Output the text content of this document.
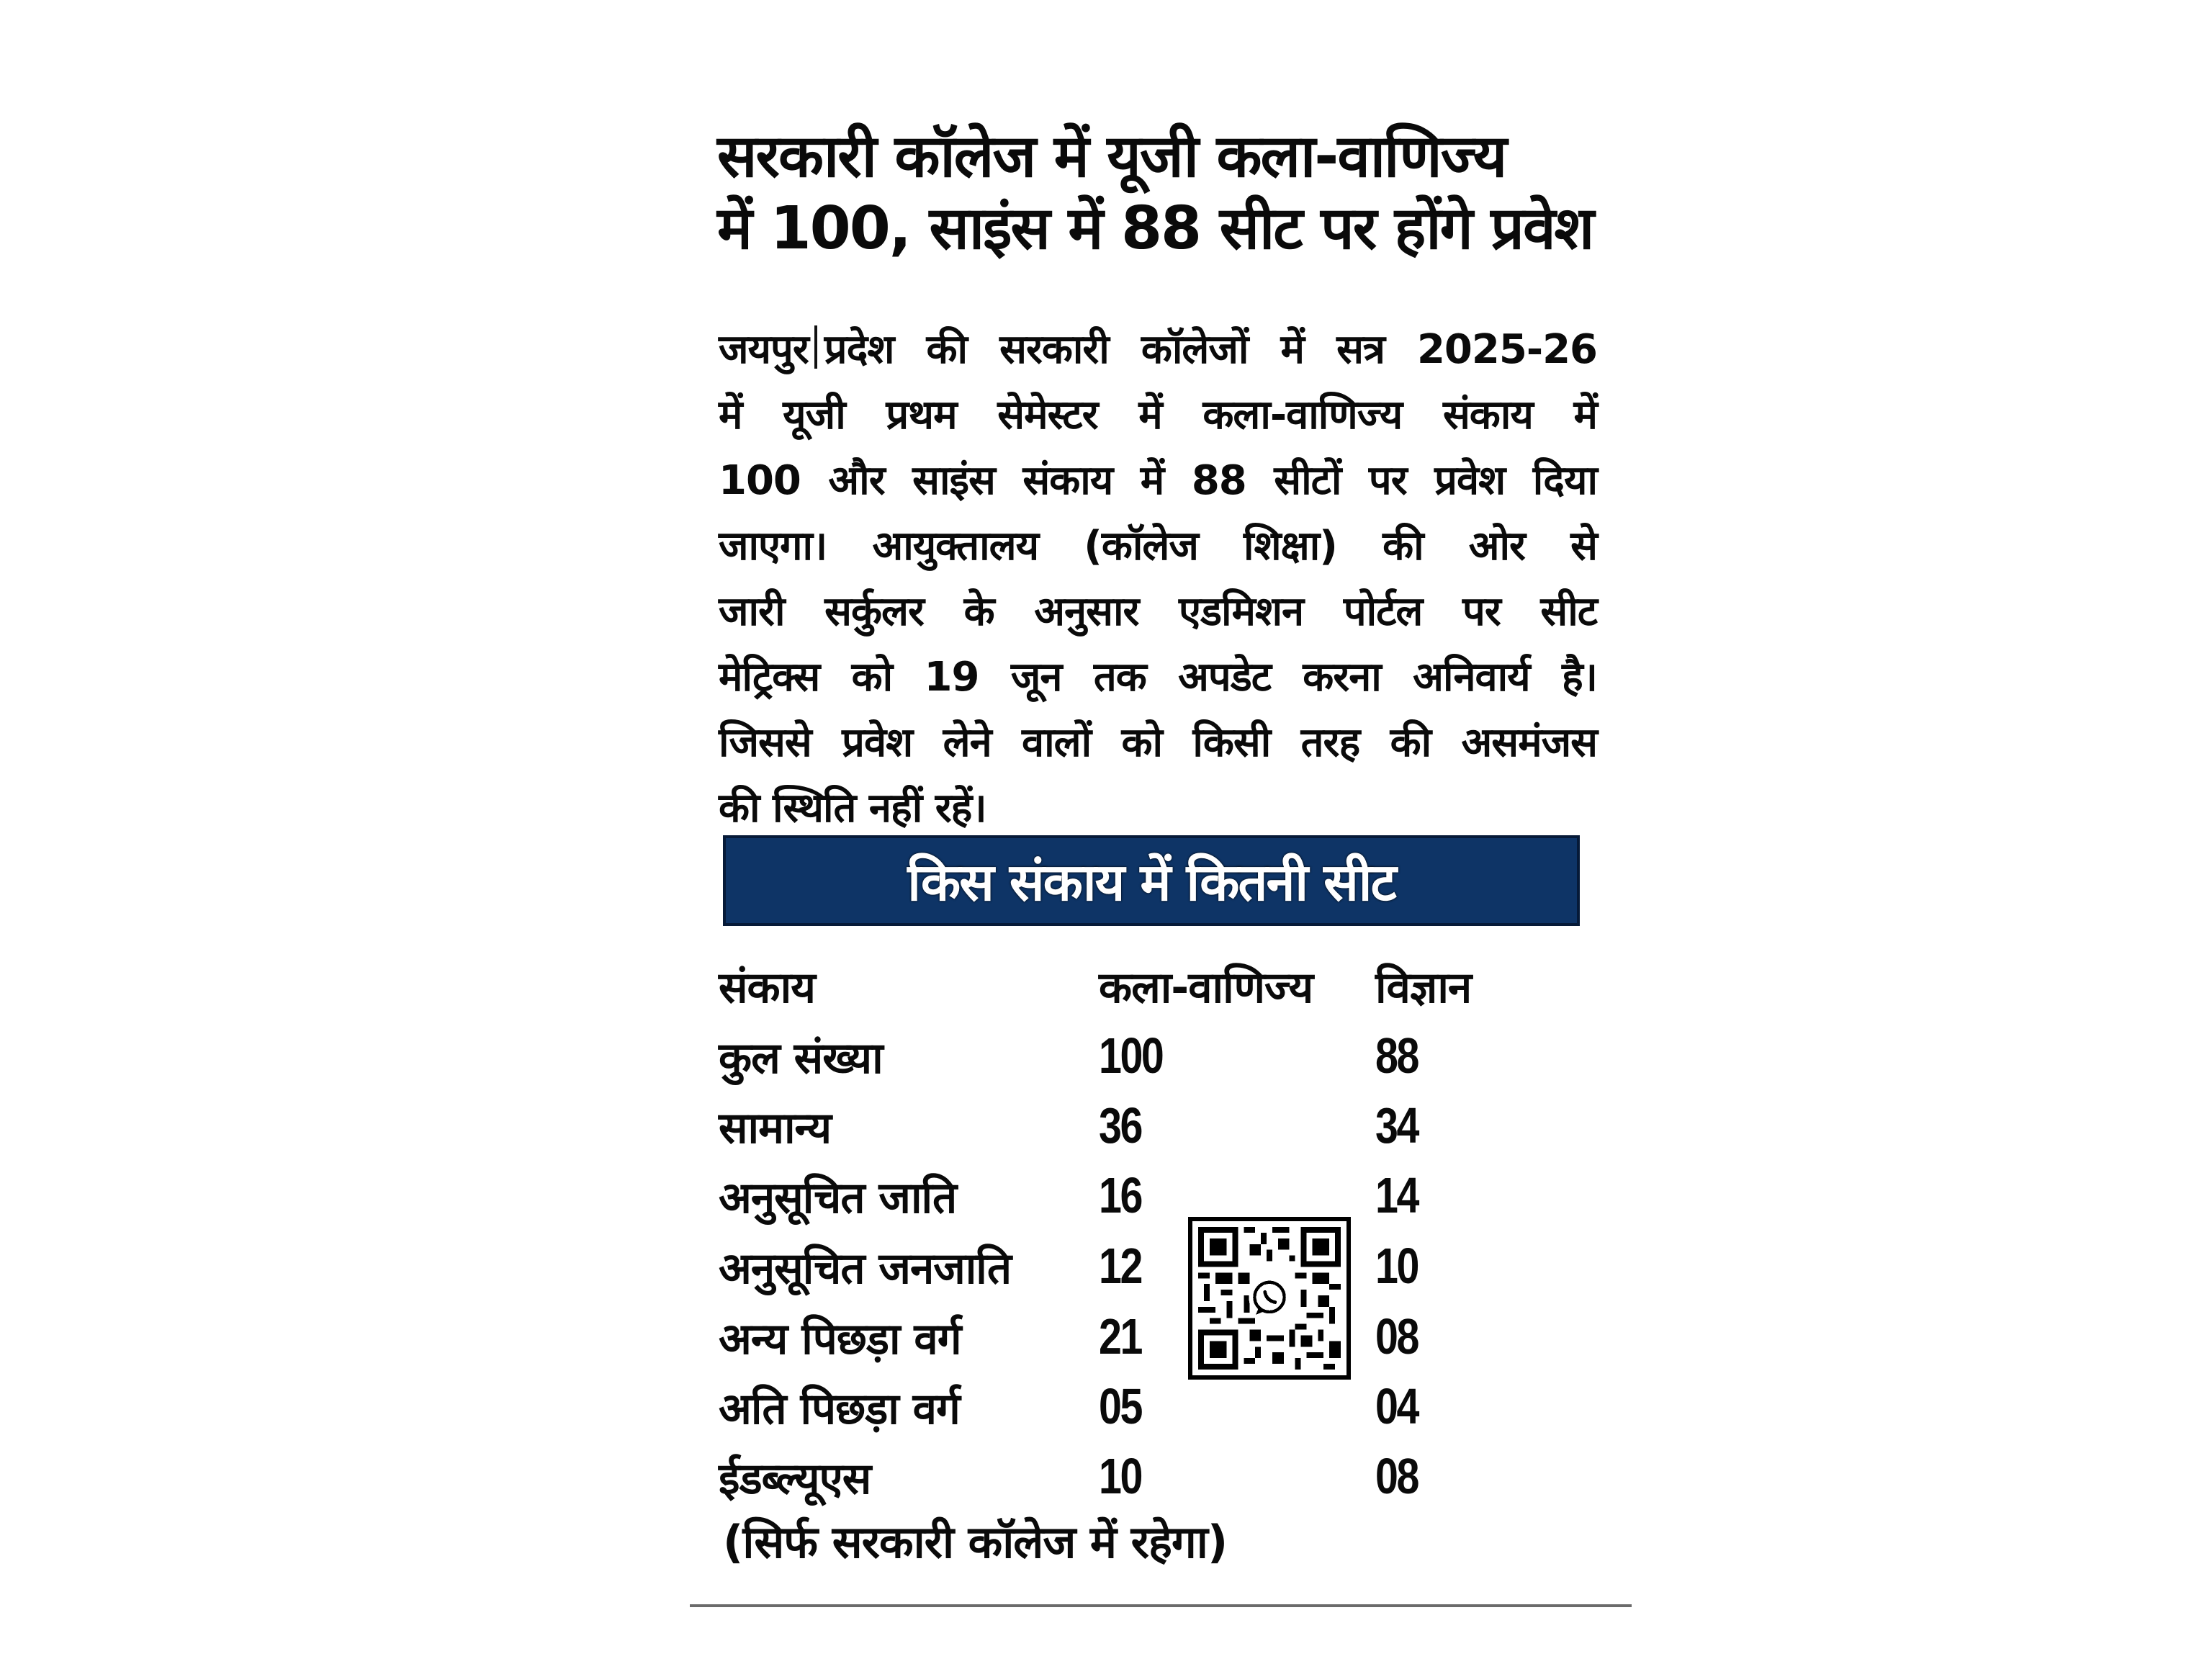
सरकारी कॉलेज में यूजी कला-वाणिज्य
में 100, साइंस में 88 सीट पर होंगे प्रवेश
जयपुर प्रदेश की सरकारी कॉलेजों में सत्र 2025-26
में यूजी प्रथम सेमेस्टर में कला-वाणिज्य संकाय में
100 और साइंस संकाय में 88 सीटों पर प्रवेश दिया
जाएगा। आयुक्तालय (कॉलेज शिक्षा) की ओर से
जारी सर्कुलर के अनुसार एडमिशन पोर्टल पर सीट
मेट्रिक्स को 19 जून तक अपडेट करना अनिवार्य है।
जिससे प्रवेश लेने वालों को किसी तरह की असमंजस
की स्थिति नहीं रहें।
किस संकाय में कितनी सीट
संकाय	कला-वाणिज्य विज्ञान
कुल संख्या	100	88
सामान्य	36	34
अनुसूचित जाति	16	14
अनुसूचित जनजाति 12	10
अन्य पिछड़ा वर्ग	21	08
अति पिछड़ा वर्ग	05	04
ईडब्ल्यूएस	10	08
(सिर्फ सरकारी कॉलेज में रहेगा)
